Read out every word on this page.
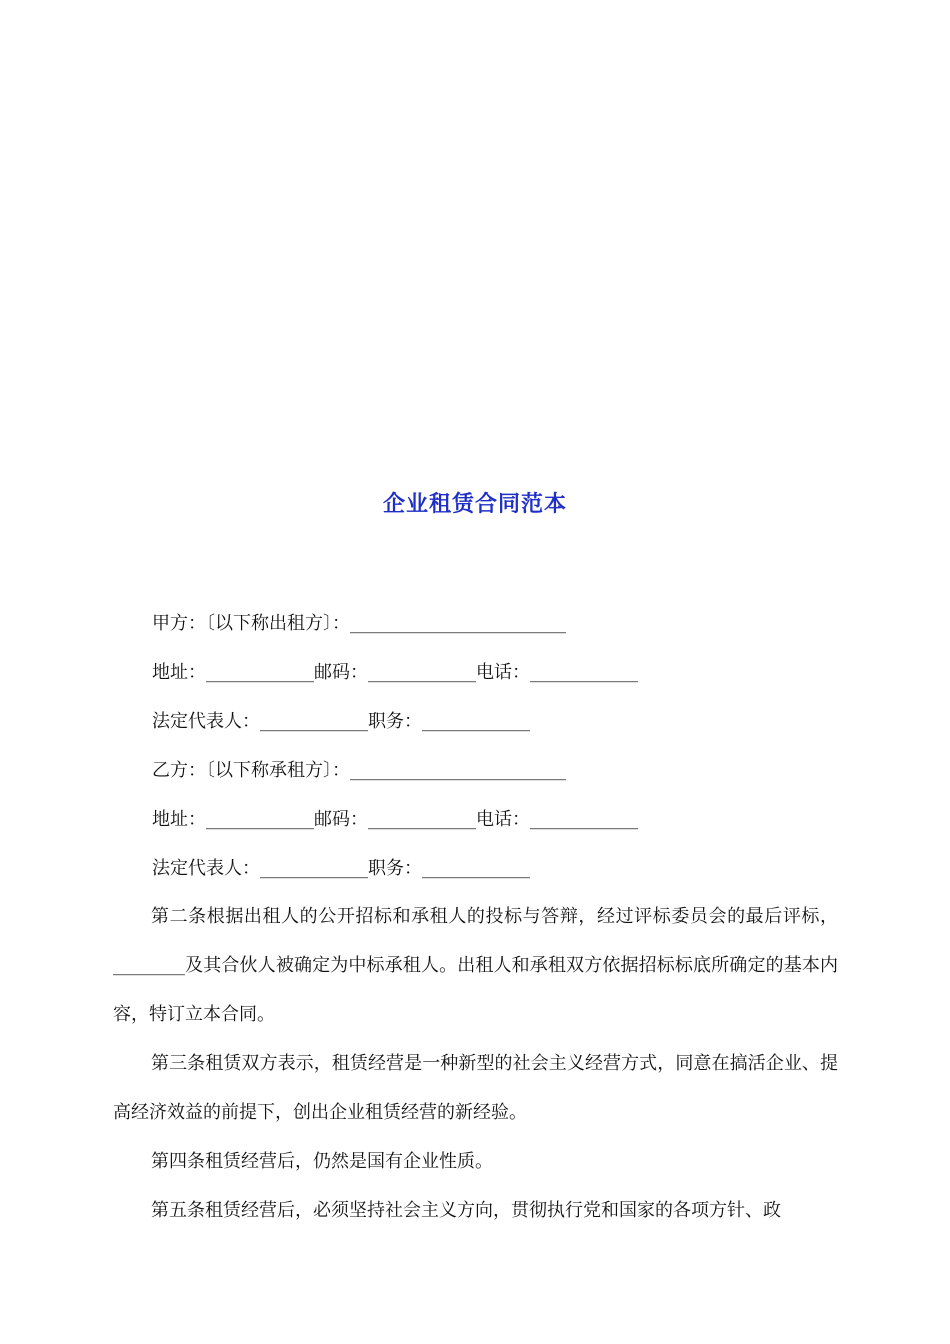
企业租赁合同范本
甲方：〔以下称出租方〕：________________________
地址：____________邮码：____________电话：____________
法定代表人：____________职务：____________
乙方：〔以下称承租方〕：________________________
地址：____________邮码：____________电话：____________
法定代表人：____________职务：____________
第二条根据出租人的公开招标和承租人的投标与答辩，经过评标委员会的最后评标，________及其合伙人被确定为中标承租人。出租人和承租双方依据招标标底所确定的基本内容，特订立本合同。
第三条租赁双方表示，租赁经营是一种新型的社会主义经营方式，同意在搞活企业、提高经济效益的前提下，创出企业租赁经营的新经验。
第四条租赁经营后，仍然是国有企业性质。
第五条租赁经营后，必须坚持社会主义方向，贯彻执行党和国家的各项方针、政
